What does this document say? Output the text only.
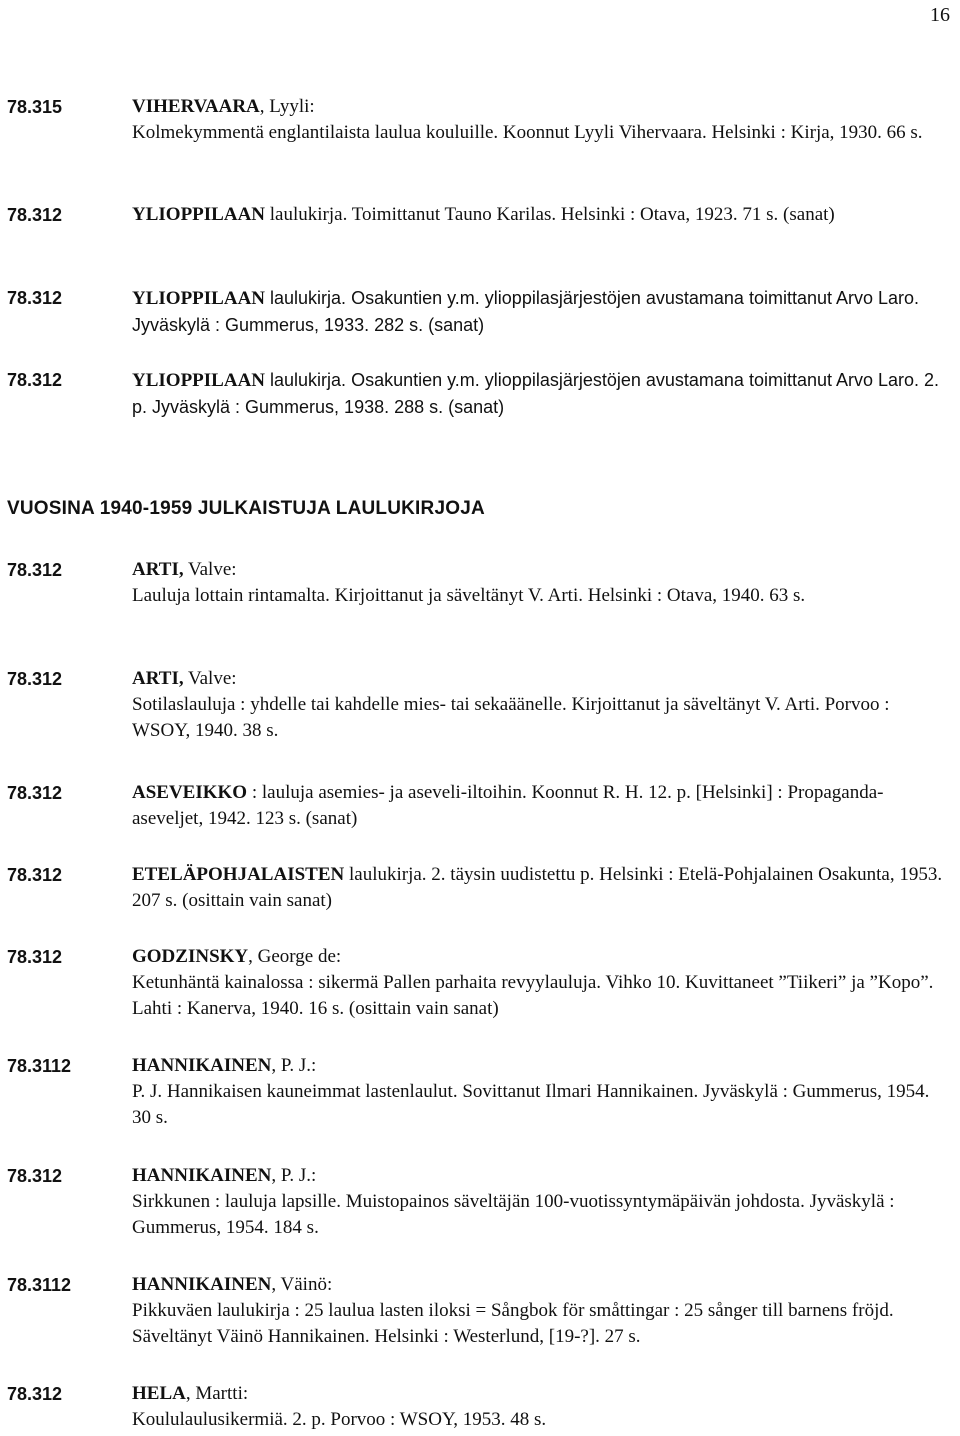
16
78.315	VIHERVAARA, Lyyli:
Kolmekymmentä englantilaista laulua kouluille. Koonnut Lyyli Vihervaara. Helsinki : Kirja, 1930. 66 s.
78.312	YLIOPPILAAN laulukirja. Toimittanut Tauno Karilas. Helsinki : Otava, 1923. 71 s. (sanat)
78.312	YLIOPPILAAN laulukirja. Osakuntien y.m. ylioppilasjärjestöjen avustamana toimittanut Arvo Laro. Jyväskylä : Gummerus, 1933. 282 s. (sanat)
78.312	YLIOPPILAAN laulukirja. Osakuntien y.m. ylioppilasjärjestöjen avustamana toimittanut Arvo Laro. 2. p. Jyväskylä : Gummerus, 1938. 288 s. (sanat)
VUOSINA 1940-1959 JULKAISTUJA LAULUKIRJOJA
78.312	ARTI, Valve:
Lauluja lottain rintamalta. Kirjoittanut ja säveltänyt V. Arti. Helsinki : Otava, 1940. 63 s.
78.312	ARTI, Valve:
Sotilaslauluja : yhdelle tai kahdelle mies- tai sekaäänelle. Kirjoittanut ja säveltänyt V. Arti. Porvoo : WSOY, 1940. 38 s.
78.312	ASEVEIKKO : lauluja asemies- ja aseveli-iltoihin. Koonnut R. H. 12. p. [Helsinki] : Propaganda-aseveljet, 1942. 123 s. (sanat)
78.312	ETELÄPOHJALAISTEN laulukirja. 2. täysin uudistettu p. Helsinki : Etelä-Pohjalainen Osakunta, 1953. 207 s. (osittain vain sanat)
78.312	GODZINSKY, George de:
Ketunhäntä kainalossa : sikermä Pallen parhaita revyylauluja. Vihko 10. Kuvittaneet ”Tiikeri” ja ”Kopo”. Lahti : Kanerva, 1940. 16 s. (osittain vain sanat)
78.3112	HANNIKAINEN, P. J.:
P. J. Hannikaisen kauneimmat lastenlaulut. Sovittanut Ilmari Hannikainen. Jyväskylä : Gummerus, 1954. 30 s.
78.312	HANNIKAINEN, P. J.:
Sirkkunen : lauluja lapsille. Muistopainos säveltäjän 100-vuotissyntymäpäivän johdosta. Jyväskylä : Gummerus, 1954. 184 s.
78.3112	HANNIKAINEN, Väinö:
Pikkuväen laulukirja : 25 laulua lasten iloksi = Sångbok för småttingar : 25 sånger till barnens fröjd. Säveltänyt Väinö Hannikainen. Helsinki : Westerlund, [19-?]. 27 s.
78.312	HELA, Martti:
Koululaulusikermiä. 2. p. Porvoo : WSOY, 1953. 48 s.
